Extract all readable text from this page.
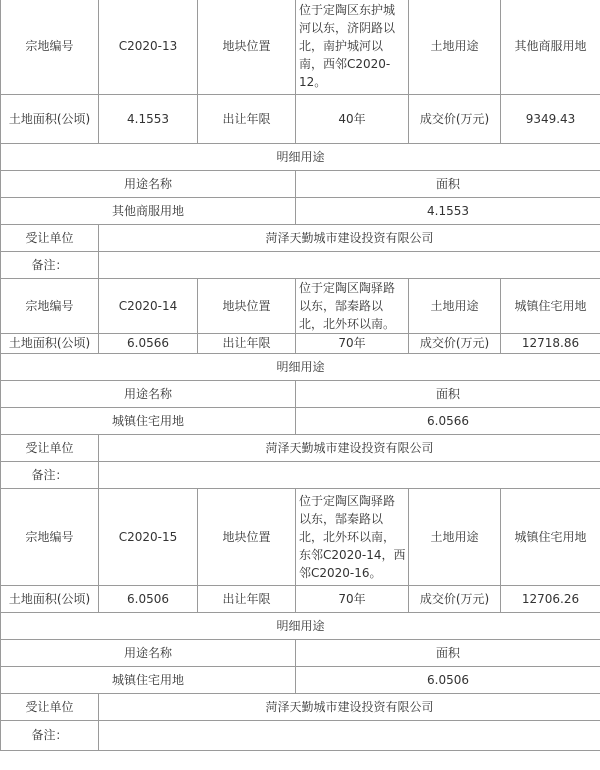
宗地编号	C2020-13	地块位置	位于定陶区东护城河以东，济阴路以北，南护城河以南，西邻C2020-12。	土地用途	其他商服用地
土地面积(公顷)	4.1553	出让年限	40年	成交价(万元)	9349.43
明细用途					
用途名称			面积		
其他商服用地			4.1553		
受让单位	菏泽天勤城市建设投资有限公司				
备注：					
宗地编号	C2020-14	地块位置	位于定陶区陶驿路以东，郜秦路以北，北外环以南。	土地用途	城镇住宅用地
土地面积(公顷)	6.0566	出让年限	70年	成交价(万元)	12718.86
明细用途					
用途名称			面积		
城镇住宅用地			6.0566		
受让单位	菏泽天勤城市建设投资有限公司				
备注：					
宗地编号	C2020-15	地块位置	位于定陶区陶驿路以东，郜秦路以北，北外环以南，东邻C2020-14，西邻C2020-16。	土地用途	城镇住宅用地
土地面积(公顷)	6.0506	出让年限	70年	成交价(万元)	12706.26
明细用途					
用途名称			面积		
城镇住宅用地			6.0506		
受让单位	菏泽天勤城市建设投资有限公司				
备注：					
